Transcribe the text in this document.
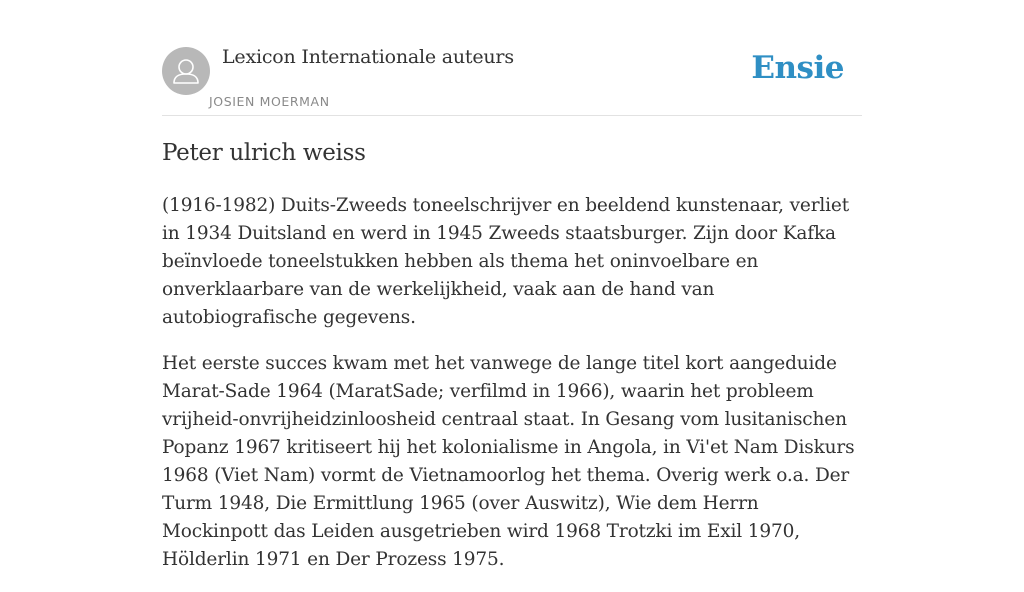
Lexicon Internationale auteurs
JOSIEN MOERMAN
Ensie
Peter ulrich weiss

(1916-1982) Duits-Zweeds toneelschrijver en beeldend kunstenaar, verliet in 1934 Duitsland en werd in 1945 Zweeds staatsburger. Zijn door Kafka beïnvloede toneelstukken hebben als thema het oninvoelbare en onverklaarbare van de werkelijkheid, vaak aan de hand van autobiografische gegevens.

Het eerste succes kwam met het vanwege de lange titel kort aangeduide Marat-Sade 1964 (MaratSade; verfilmd in 1966), waarin het probleem vrijheid-onvrijheidzinloosheid centraal staat. In Gesang vom lusitanischen Popanz 1967 kritiseert hij het kolonialisme in Angola, in Vi'et Nam Diskurs 1968 (Viet Nam) vormt de Vietnamoorlog het thema. Overig werk o.a. Der Turm 1948, Die Ermittlung 1965 (over Auswitz), Wie dem Herrn Mockinpott das Leiden ausgetrieben wird 1968 Trotzki im Exil 1970, Hölderlin 1971 en Der Prozess 1975.
